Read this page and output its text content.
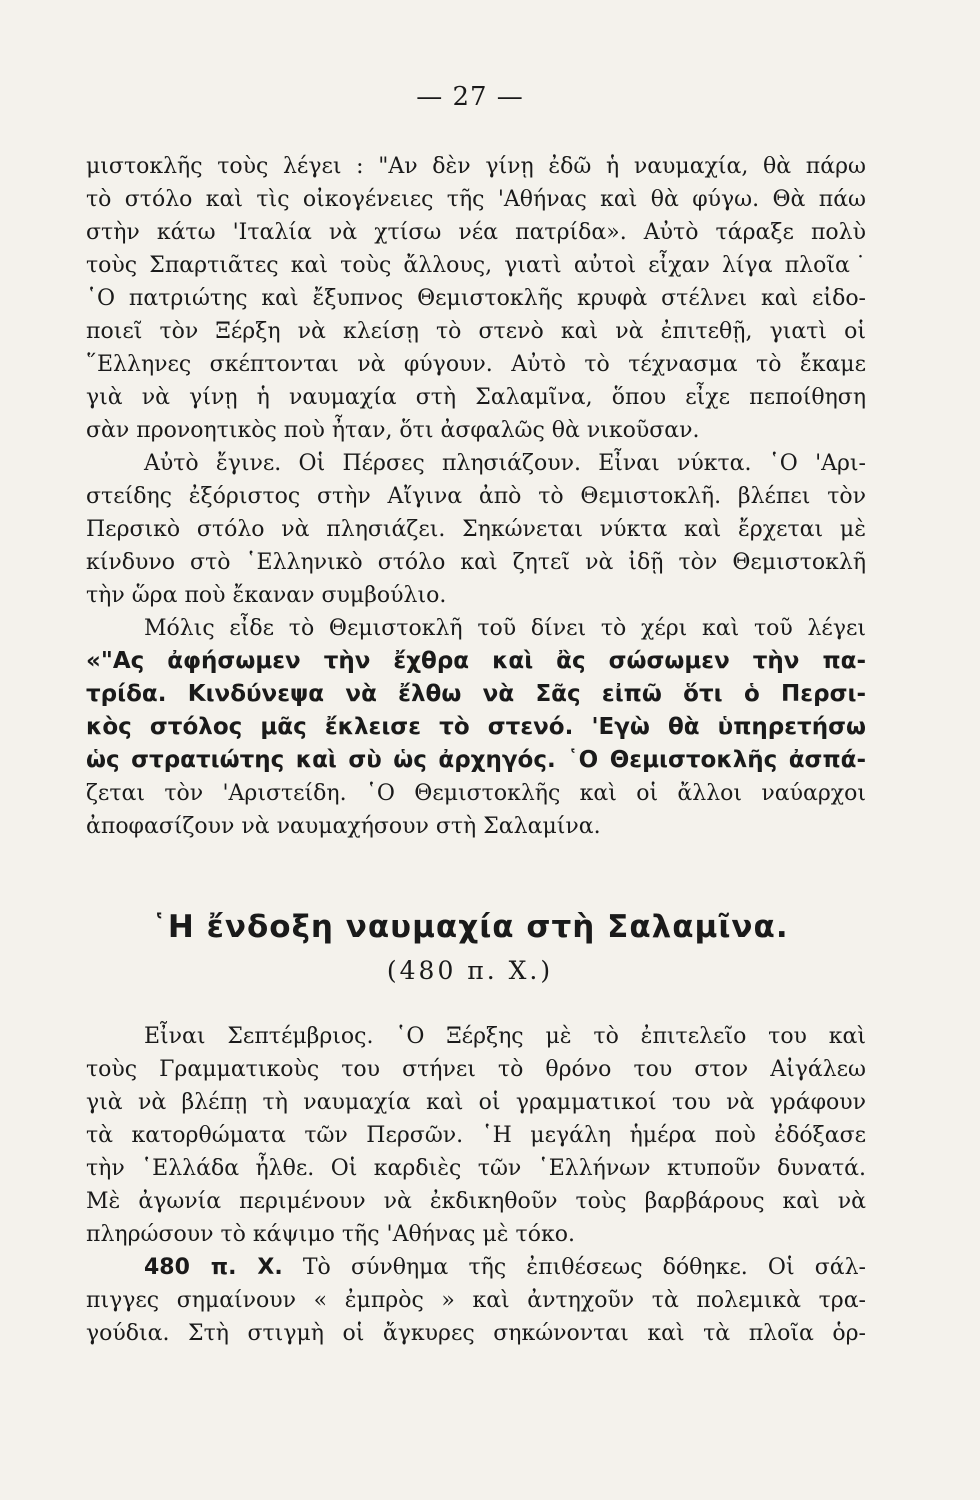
— 27 —
μιστοκλῆς τοὺς λέγει : "Αν δὲν γίνῃ ἐδῶ ἡ ναυμαχία, θὰ πάρω
τὸ στόλο καὶ τὶς οἰκογένειες τῆς 'Αθήνας καὶ θὰ φύγω. Θὰ πάω
στὴν κάτω 'Ιταλία νὰ χτίσω νέα πατρίδα». Αὐτὸ τάραξε πολὺ
τοὺς Σπαρτιᾶτες καὶ τοὺς ἄλλους, γιατὶ αὐτοὶ εἶχαν λίγα πλοῖα˙
῾Ο πατριώτης καὶ ἔξυπνος Θεμιστοκλῆς κρυφὰ στέλνει καὶ εἰδο-
ποιεῖ τὸν Ξέρξη νὰ κλείσῃ τὸ στενὸ καὶ νὰ ἐπιτεθῇ, γιατὶ οἱ
῞Ελληνες σκέπτονται νὰ φύγουν. Αὐτὸ τὸ τέχνασμα τὸ ἔκαμε
γιὰ νὰ γίνῃ ἡ ναυμαχία στὴ Σαλαμῖνα, ὅπου εἶχε πεποίθηση
σὰν προνοητικὸς ποὺ ἦταν, ὅτι ἀσφαλῶς θὰ νικοῦσαν.
Αὐτὸ ἔγινε. Οἱ Πέρσες πλησιάζουν. Εἶναι νύκτα. ῾Ο 'Αρι-
στείδης ἐξόριστος στὴν Αἴγινα ἀπὸ τὸ Θεμιστοκλῆ. βλέπει τὸν
Περσικὸ στόλο νὰ πλησιάζει. Σηκώνεται νύκτα καὶ ἔρχεται μὲ
κίνδυνο στὸ ῾Ελληνικὸ στόλο καὶ ζητεῖ νὰ ἰδῇ τὸν Θεμιστοκλῆ
τὴν ὥρα ποὺ ἔκαναν συμβούλιο.
Μόλις εἶδε τὸ Θεμιστοκλῆ τοῦ δίνει τὸ χέρι καὶ τοῦ λέγει
«"Ας ἀφήσωμεν τὴν ἔχθρα καὶ ἂς σώσωμεν τὴν πα-
τρίδα. Κινδύνεψα νὰ ἔλθω νὰ Σᾶς εἰπῶ ὅτι ὁ Περσι-
κὸς στόλος μᾶς ἔκλεισε τὸ στενό. 'Εγὼ θὰ ὑπηρετήσω
ὡς στρατιώτης καὶ σὺ ὡς ἀρχηγός. ῾Ο Θεμιστοκλῆς ἀσπά-
ζεται τὸν 'Αριστείδη. ῾Ο Θεμιστοκλῆς καὶ οἱ ἄλλοι ναύαρχοι
ἀποφασίζουν νὰ ναυμαχήσουν στὴ Σαλαμίνα.
῾Η ἔνδοξη ναυμαχία στὴ Σαλαμῖνα.
(480 π. Χ.)
Εἶναι Σεπτέμβριος. ῾Ο Ξέρξης μὲ τὸ ἐπιτελεῖο του καὶ
τοὺς Γραμματικοὺς του στήνει τὸ θρόνο του στον Αἰγάλεω
γιὰ νὰ βλέπῃ τὴ ναυμαχία καὶ οἱ γραμματικοί του νὰ γράφουν
τὰ κατορθώματα τῶν Περσῶν. ῾Η μεγάλη ἡμέρα ποὺ ἐδόξασε
τὴν ῾Ελλάδα ἦλθε. Οἱ καρδιὲς τῶν ῾Ελλήνων κτυποῦν δυνατά.
Μὲ ἀγωνία περιμένουν νὰ ἐκδικηθοῦν τοὺς βαρβάρους καὶ νὰ
πληρώσουν τὸ κάψιμο τῆς 'Αθήνας μὲ τόκο.
480 π. Χ. Τὸ σύνθημα τῆς ἐπιθέσεως δόθηκε. Οἱ σάλ-
πιγγες σημαίνουν « ἐμπρὸς » καὶ ἀντηχοῦν τὰ πολεμικὰ τρα-
γούδια. Στὴ στιγμὴ οἱ ἄγκυρες σηκώνονται καὶ τὰ πλοῖα ὁρ-
